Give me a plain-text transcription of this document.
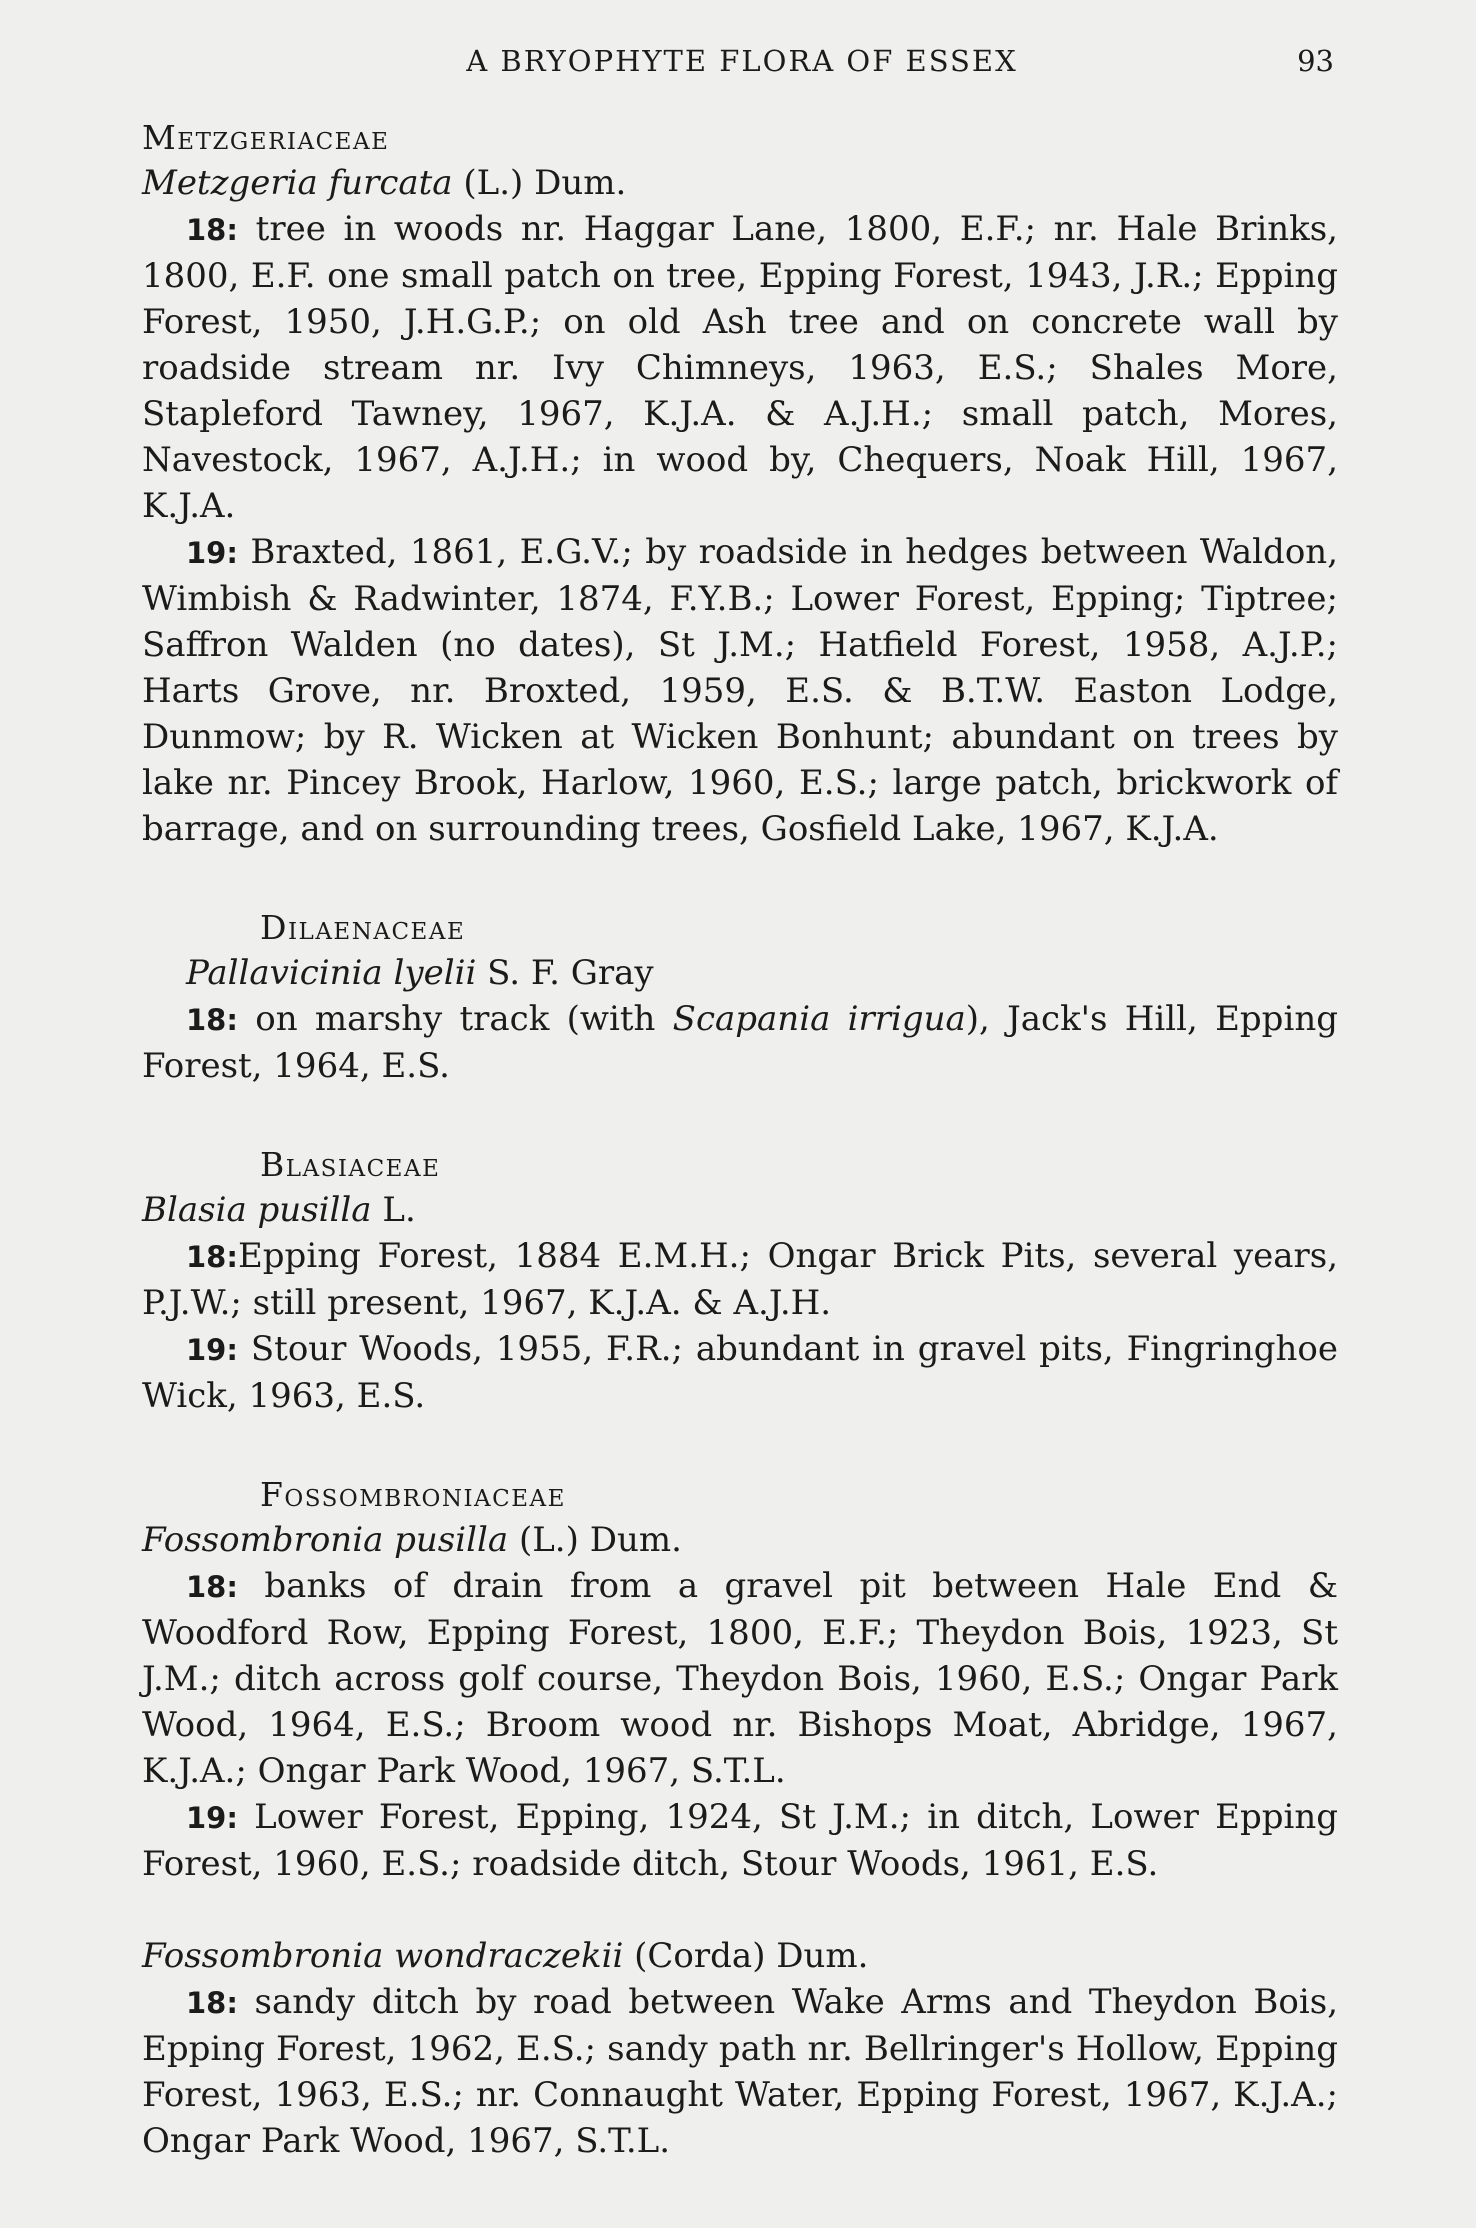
A BRYOPHYTE FLORA OF ESSEX	93

Metzgeriaceae

Metzgeria furcata (L.) Dum.

18: tree in woods nr. Haggar Lane, 1800, E.F.; nr. Hale Brinks, 1800, E.F. one small patch on tree, Epping Forest, 1943, J.R.; Epping Forest, 1950, J.H.G.P.; on old Ash tree and on concrete wall by roadside stream nr. Ivy Chimneys, 1963, E.S.; Shales More, Stapleford Tawney, 1967, K.J.A. & A.J.H.; small patch, Mores, Navestock, 1967, A.J.H.; in wood by, Chequers, Noak Hill, 1967, K.J.A.

19: Braxted, 1861, E.G.V.; by roadside in hedges between Waldon, Wimbish & Radwinter, 1874, F.Y.B.; Lower Forest, Epping; Tiptree; Saffron Walden (no dates), St J.M.; Hatfield Forest, 1958, A.J.P.; Harts Grove, nr. Broxted, 1959, E.S. & B.T.W. Easton Lodge, Dunmow; by R. Wicken at Wicken Bonhunt; abundant on trees by lake nr. Pincey Brook, Harlow, 1960, E.S.; large patch, brickwork of barrage, and on surrounding trees, Gosfield Lake, 1967, K.J.A.

Dilaenaceae

Pallavicinia lyelii S. F. Gray

18: on marshy track (with Scapania irrigua), Jack's Hill, Epping Forest, 1964, E.S.

Blasiaceae

Blasia pusilla L.

18:Epping Forest, 1884 E.M.H.; Ongar Brick Pits, several years, P.J.W.; still present, 1967, K.J.A. & A.J.H.

19: Stour Woods, 1955, F.R.; abundant in gravel pits, Fingringhoe Wick, 1963, E.S.

Fossombroniaceae

Fossombronia pusilla (L.) Dum.

18: banks of drain from a gravel pit between Hale End & Woodford Row, Epping Forest, 1800, E.F.; Theydon Bois, 1923, St J.M.; ditch across golf course, Theydon Bois, 1960, E.S.; Ongar Park Wood, 1964, E.S.; Broom wood nr. Bishops Moat, Abridge, 1967, K.J.A.; Ongar Park Wood, 1967, S.T.L.

19: Lower Forest, Epping, 1924, St J.M.; in ditch, Lower Epping Forest, 1960, E.S.; roadside ditch, Stour Woods, 1961, E.S.

Fossombronia wondraczekii (Corda) Dum.

18: sandy ditch by road between Wake Arms and Theydon Bois, Epping Forest, 1962, E.S.; sandy path nr. Bellringer's Hollow, Epping Forest, 1963, E.S.; nr. Connaught Water, Epping Forest, 1967, K.J.A.; Ongar Park Wood, 1967, S.T.L.
